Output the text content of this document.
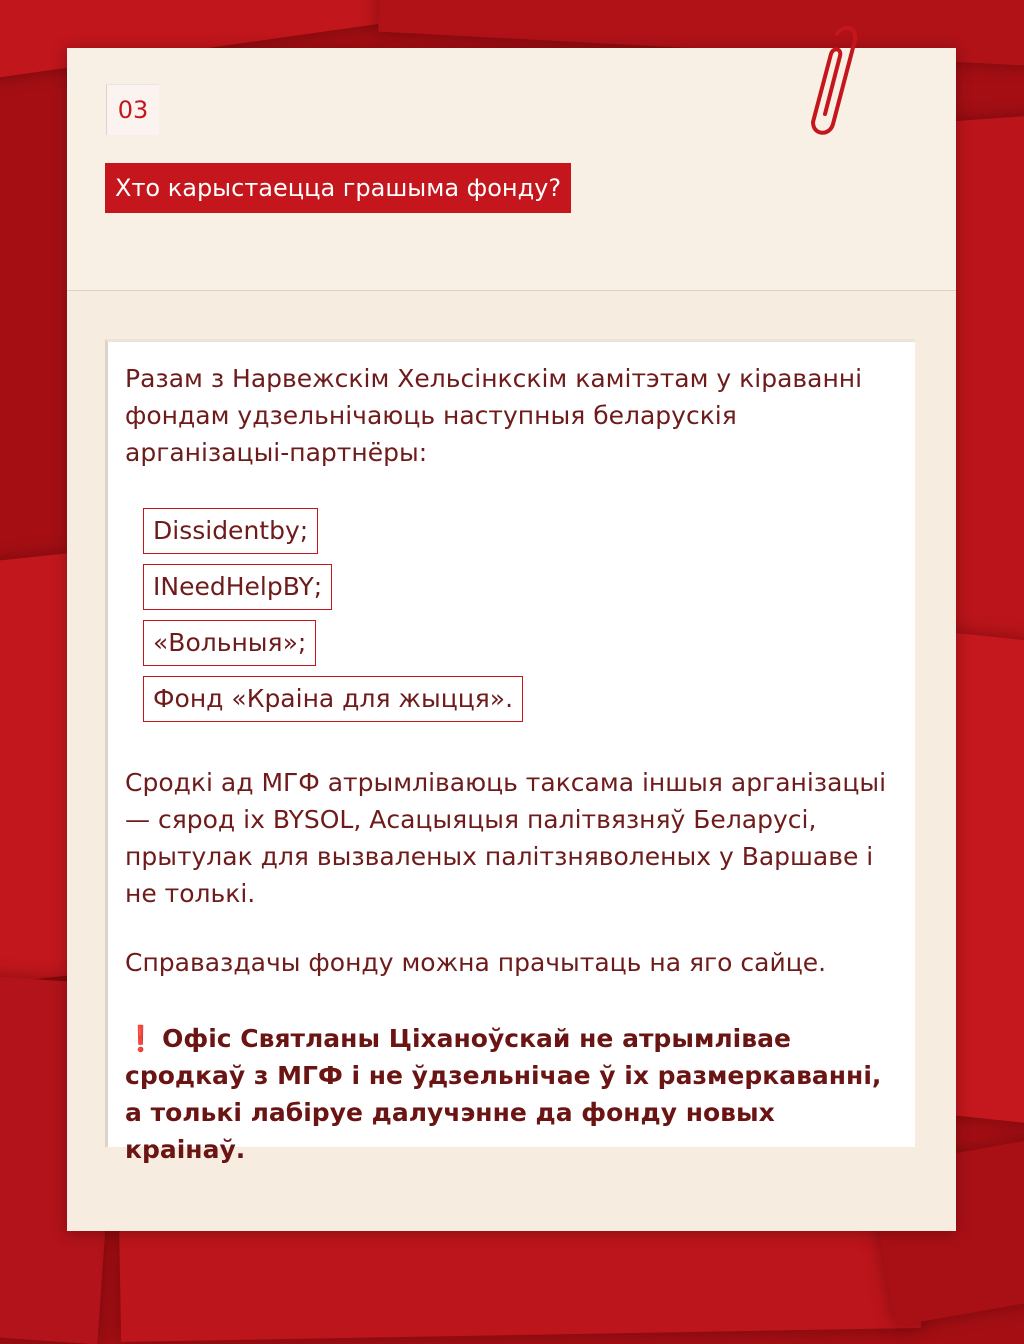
03
Хто карыстаецца грашыма фонду?

Разам з Нарвежскім Хельсінкскім камітэтам у кіраванні фондам удзельнічаюць наступныя беларускія арганізацыі-партнёры:

Dissidentby;
INeedHelpBY;
«Вольныя»;
Фонд «Краіна для жыцця».

Сродкі ад МГФ атрымліваюць таксама іншыя арганізацыі — сярод іх BYSOL, Асацыяцыя палітвязняў Беларусі, прытулак для вызваленых палітзняволеных у Варшаве і не толькі.

Справаздачы фонду можна прачытаць на яго сайце.

❗ Офіс Святланы Ціханоўскай не атрымлівае сродкаў з МГФ і не ўдзельнічае ў іх размеркаванні, а толькі лабіруе далучэнне да фонду новых краінаў.
